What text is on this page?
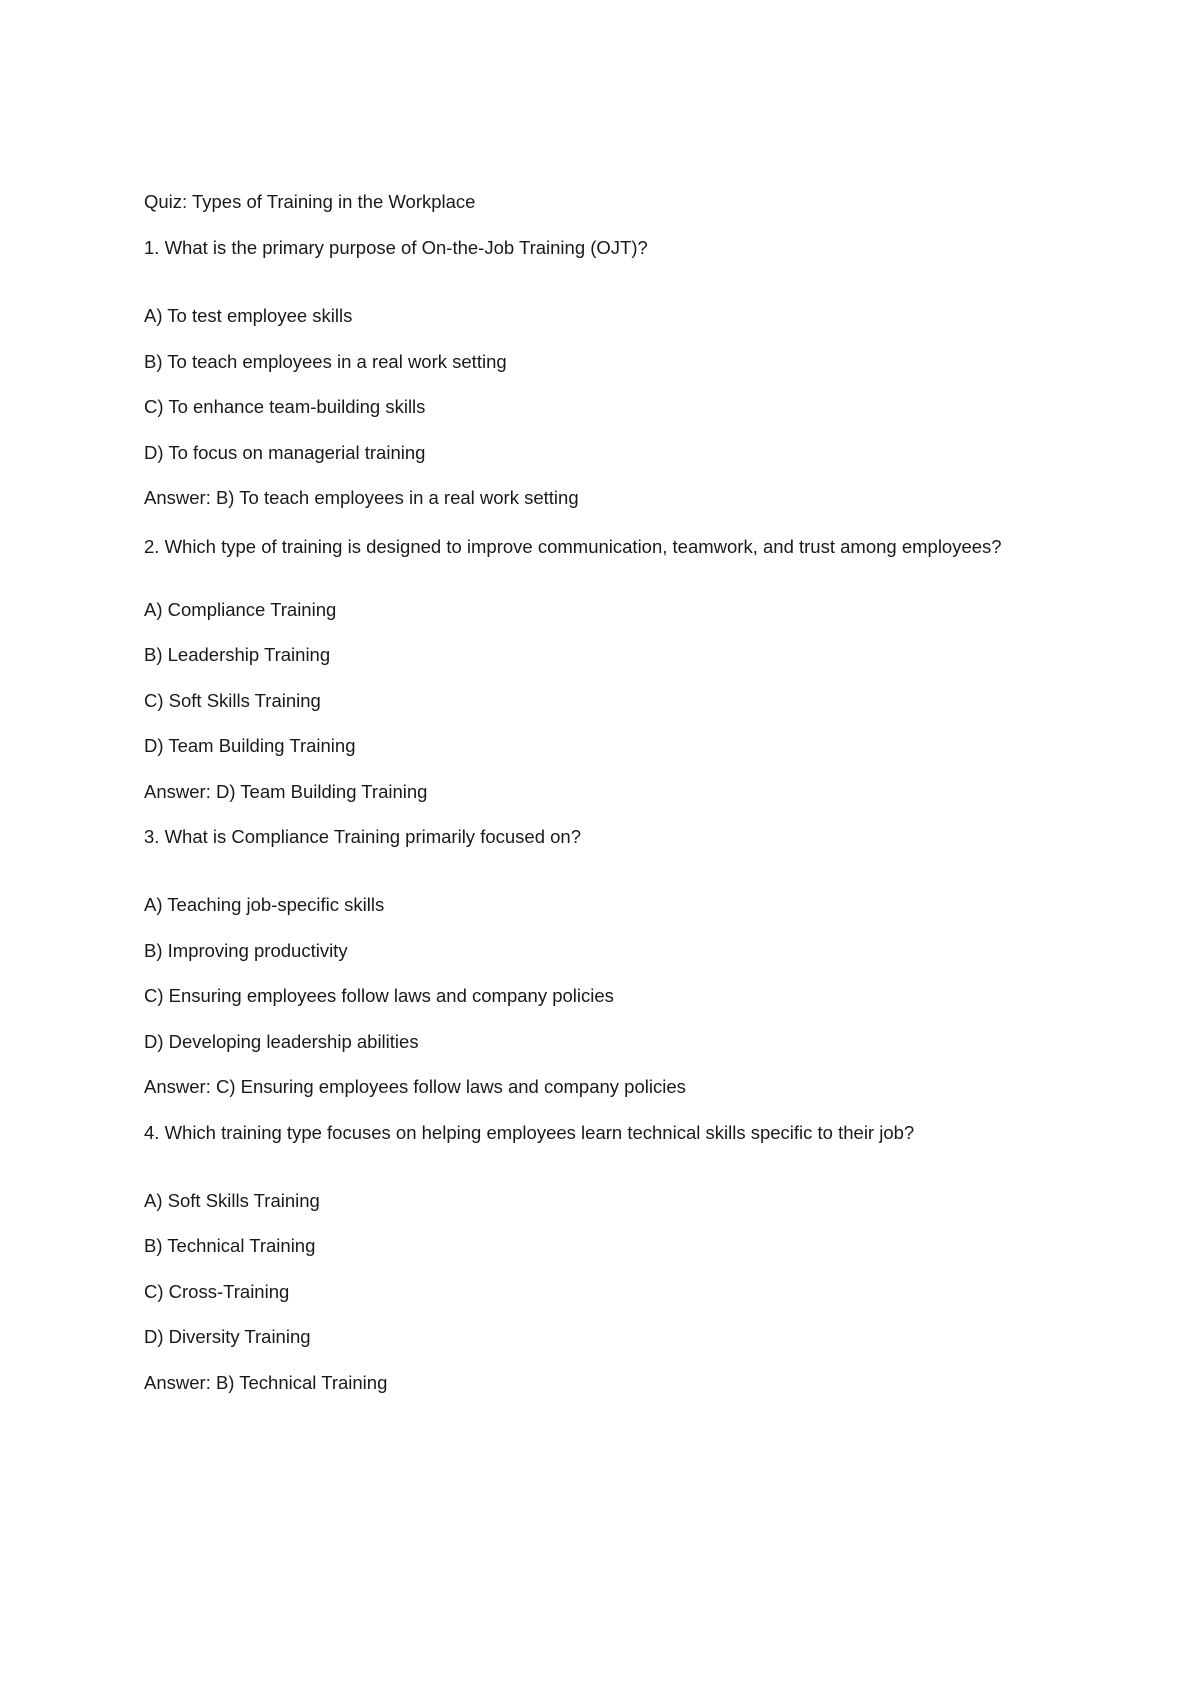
Quiz: Types of Training in the Workplace
1. What is the primary purpose of On-the-Job Training (OJT)?
A) To test employee skills
B) To teach employees in a real work setting
C) To enhance team-building skills
D) To focus on managerial training
Answer: B) To teach employees in a real work setting
2. Which type of training is designed to improve communication, teamwork, and trust among employees?
A) Compliance Training
B) Leadership Training
C) Soft Skills Training
D) Team Building Training
Answer: D) Team Building Training
3. What is Compliance Training primarily focused on?
A) Teaching job-specific skills
B) Improving productivity
C) Ensuring employees follow laws and company policies
D) Developing leadership abilities
Answer: C) Ensuring employees follow laws and company policies
4. Which training type focuses on helping employees learn technical skills specific to their job?
A) Soft Skills Training
B) Technical Training
C) Cross-Training
D) Diversity Training
Answer: B) Technical Training
